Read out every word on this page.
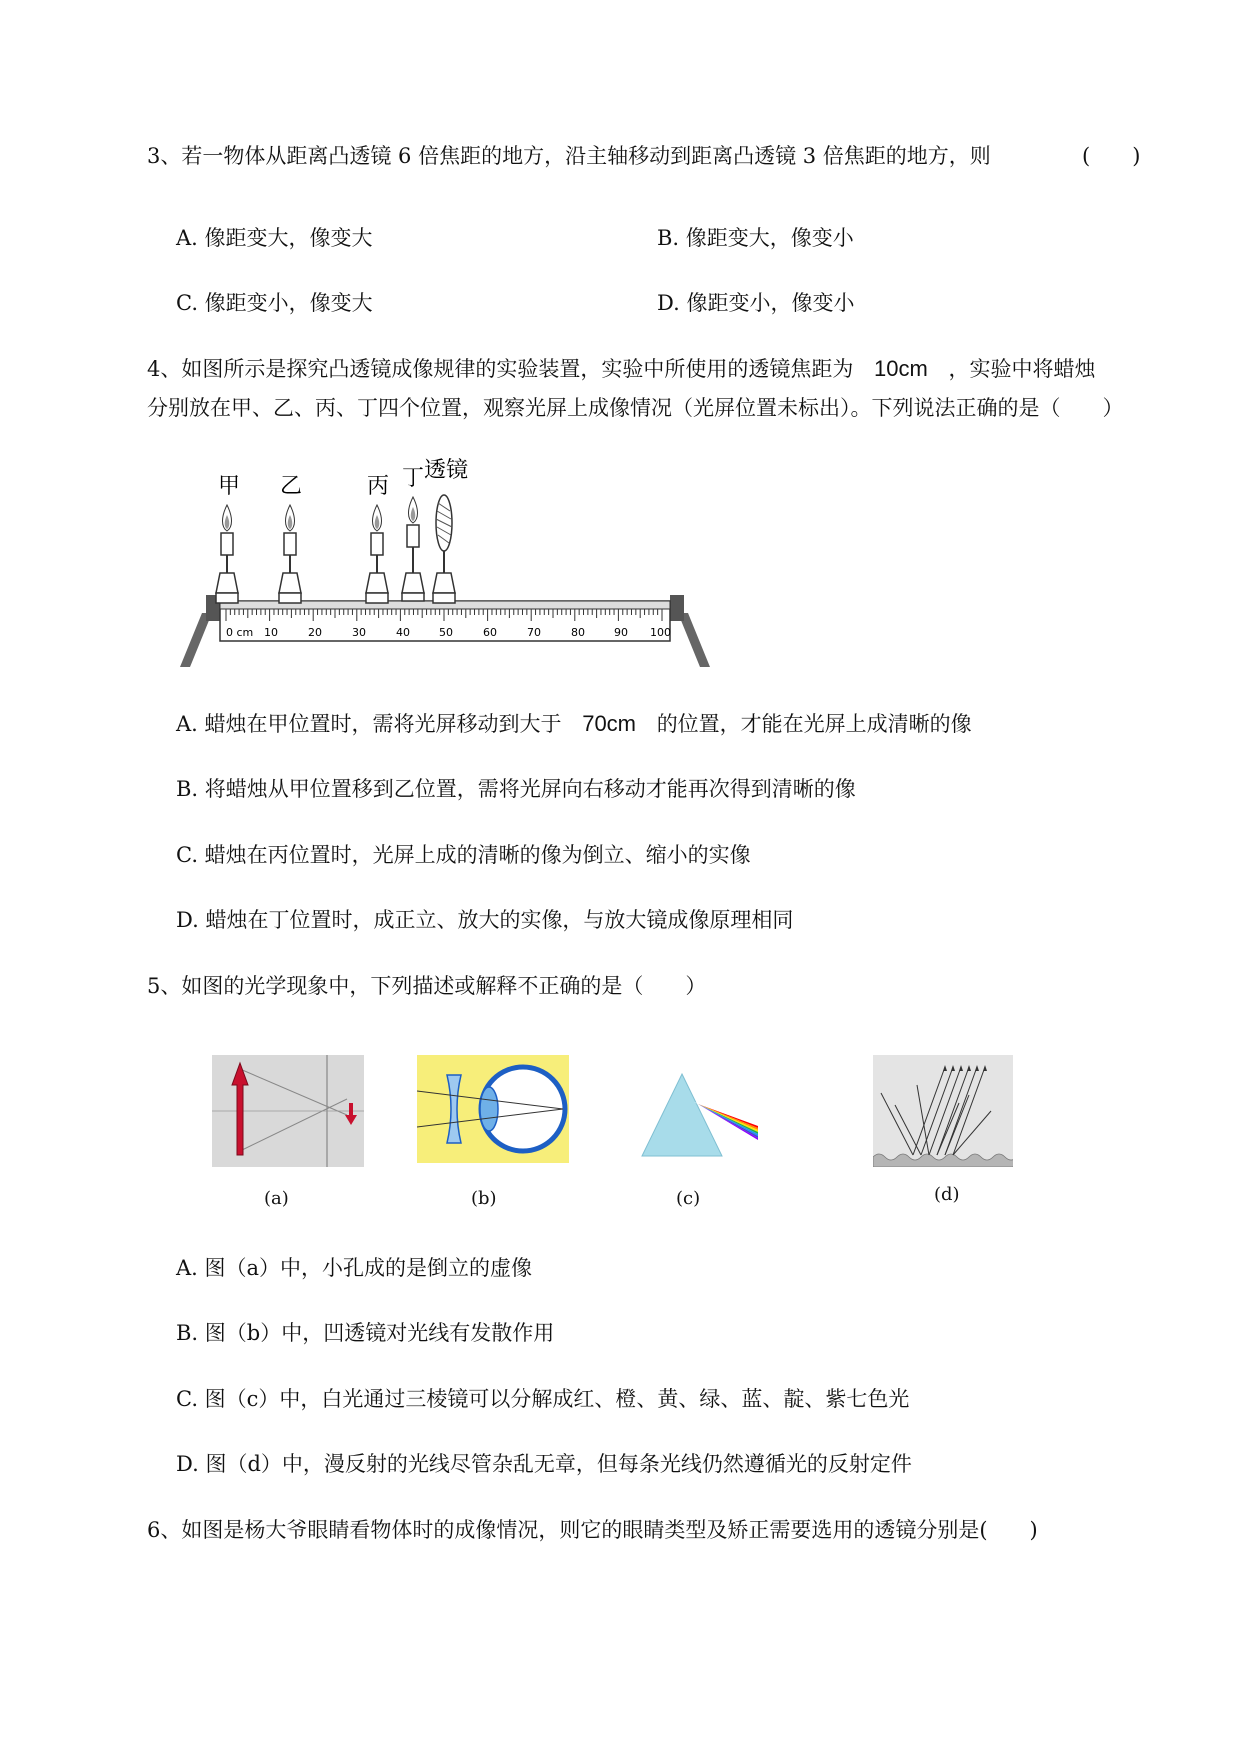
3、若一物体从距离凸透镜 6 倍焦距的地方，沿主轴移动到距离凸透镜 3 倍焦距的地方，则	(　　)
A. 像距变大，像变大	B. 像距变大，像变小
C. 像距变小，像变大	D. 像距变小，像变小
4、如图所示是探究凸透镜成像规律的实验装置，实验中所使用的透镜焦距为 10cm ，实验中将蜡烛
分别放在甲、乙、丙、丁四个位置，观察光屏上成像情况（光屏位置未标出）。下列说法正确的是（　　）
0 cm 10	20	30	40	50	60	70	80	90 100
甲 乙	丙 丁 透镜
A. 蜡烛在甲位置时，需将光屏移动到大于 70cm 的位置，才能在光屏上成清晰的像
B. 将蜡烛从甲位置移到乙位置，需将光屏向右移动才能再次得到清晰的像
C. 蜡烛在丙位置时，光屏上成的清晰的像为倒立、缩小的实像
D. 蜡烛在丁位置时，成正立、放大的实像，与放大镜成像原理相同
5、如图的光学现象中，下列描述或解释不正确的是（　　）
(a)	(b)	(c)	(d)
A. 图（a）中，小孔成的是倒立的虚像
B. 图（b）中，凹透镜对光线有发散作用
C. 图（c）中，白光通过三棱镜可以分解成红、橙、黄、绿、蓝、靛、紫七色光
D. 图（d）中，漫反射的光线尽管杂乱无章，但每条光线仍然遵循光的反射定件
6、如图是杨大爷眼睛看物体时的成像情况，则它的眼睛类型及矫正需要选用的透镜分别是(　　)
